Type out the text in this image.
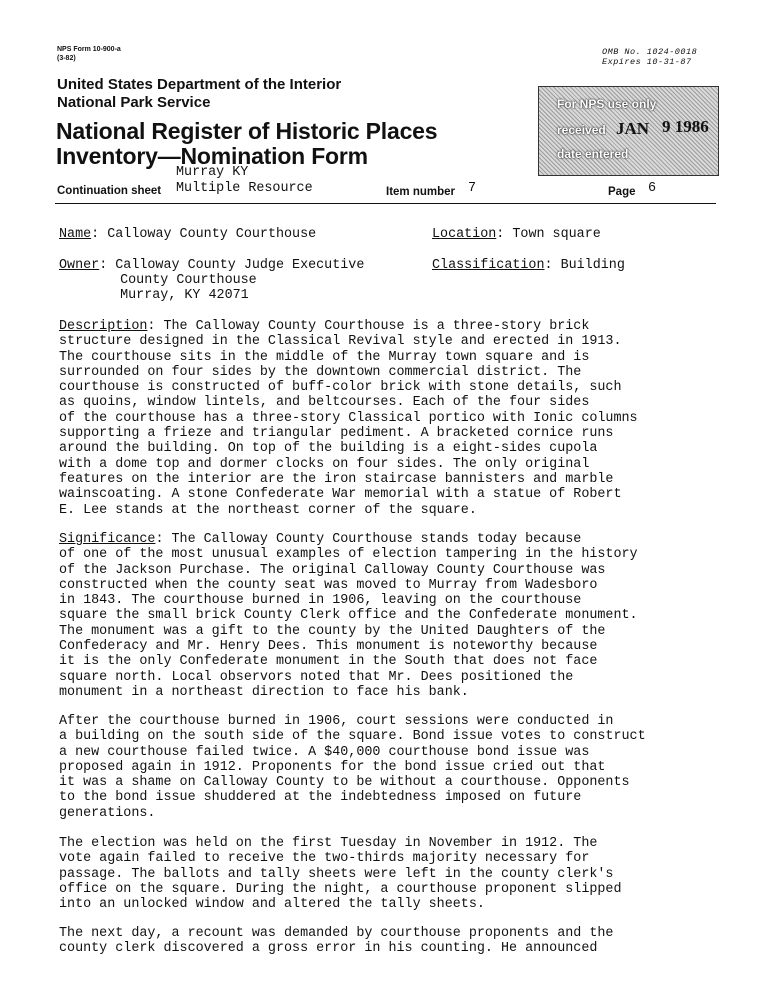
NPS Form 10-900-a
(3-82)
OMB No. 1024-0018
Expires 10-31-87
United States Department of the Interior
National Park Service
National Register of Historic Places
Inventory—Nomination Form
For NPS use only
received JAN 9 1986
date entered
Murray KY
Continuation sheet Multiple Resource	Item number 7	Page 6
Name: Calloway County Courthouse	Location: Town square
Owner: Calloway County Judge Executive
County Courthouse
Murray, KY 42071
Classification: Building
Description: The Calloway County Courthouse is a three-story brick
structure designed in the Classical Revival style and erected in 1913.
The courthouse sits in the middle of the Murray town square and is
surrounded on four sides by the downtown commercial district. The
courthouse is constructed of buff-color brick with stone details, such
as quoins, window lintels, and beltcourses. Each of the four sides
of the courthouse has a three-story Classical portico with Ionic columns
supporting a frieze and triangular pediment. A bracketed cornice runs
around the building. On top of the building is a eight-sides cupola
with a dome top and dormer clocks on four sides. The only original
features on the interior are the iron staircase bannisters and marble
wainscoating. A stone Confederate War memorial with a statue of Robert
E. Lee stands at the northeast corner of the square.
Significance: The Calloway County Courthouse stands today because
of one of the most unusual examples of election tampering in the history
of the Jackson Purchase. The original Calloway County Courthouse was
constructed when the county seat was moved to Murray from Wadesboro
in 1843. The courthouse burned in 1906, leaving on the courthouse
square the small brick County Clerk office and the Confederate monument.
The monument was a gift to the county by the United Daughters of the
Confederacy and Mr. Henry Dees. This monument is noteworthy because
it is the only Confederate monument in the South that does not face
square north. Local observors noted that Mr. Dees positioned the
monument in a northeast direction to face his bank.
After the courthouse burned in 1906, court sessions were conducted in
a building on the south side of the square. Bond issue votes to construct
a new courthouse failed twice. A $40,000 courthouse bond issue was
proposed again in 1912. Proponents for the bond issue cried out that
it was a shame on Calloway County to be without a courthouse. Opponents
to the bond issue shuddered at the indebtedness imposed on future
generations.
The election was held on the first Tuesday in November in 1912. The
vote again failed to receive the two-thirds majority necessary for
passage. The ballots and tally sheets were left in the county clerk's
office on the square. During the night, a courthouse proponent slipped
into an unlocked window and altered the tally sheets.
The next day, a recount was demanded by courthouse proponents and the
county clerk discovered a gross error in his counting. He announced
